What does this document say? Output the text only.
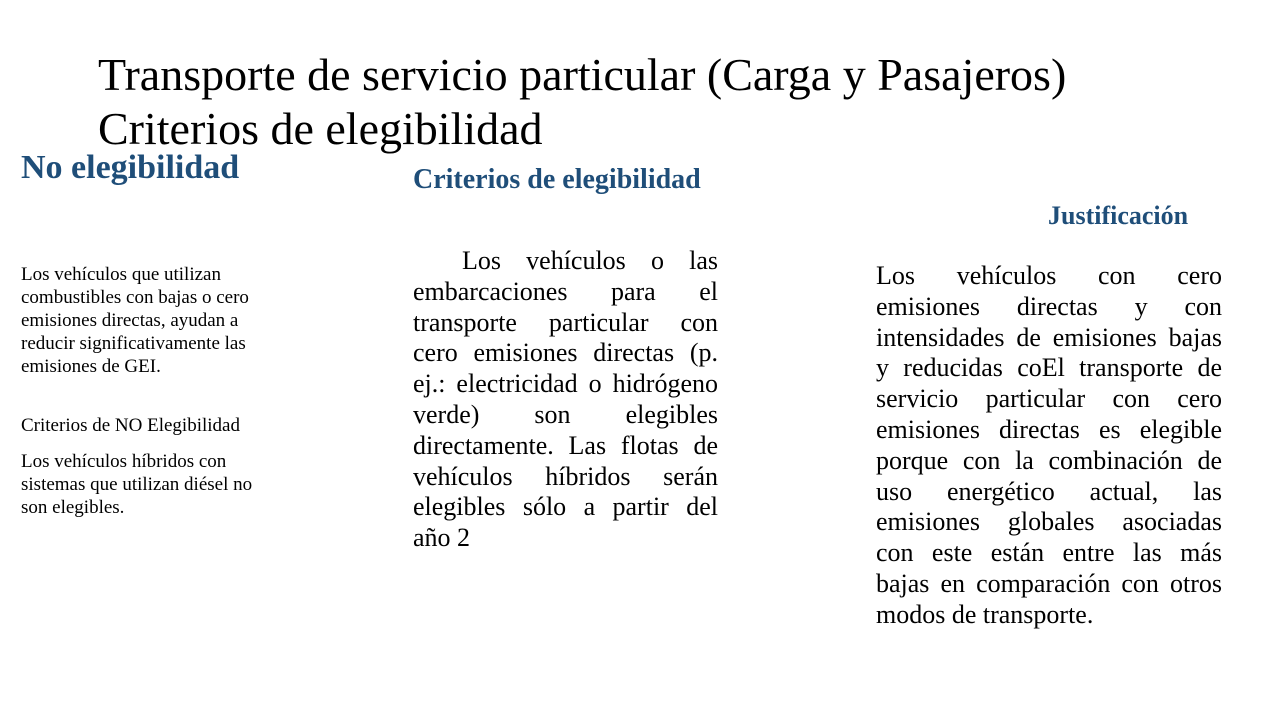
Transporte de servicio particular (Carga y Pasajeros)
Criterios de elegibilidad
No elegibilidad

Los vehículos que utilizan combustibles con bajas o cero emisiones directas, ayudan a reducir significativamente las emisiones de GEI.

Criterios de NO Elegibilidad

Los vehículos híbridos con sistemas que utilizan diésel no son elegibles.

Criterios de elegibilidad

Los vehículos o las embarcaciones para el transporte particular con cero emisiones directas (p. ej.: electricidad o hidrógeno verde) son elegibles directamente. Las flotas de vehículos híbridos serán elegibles sólo a partir del año 2

Justificación

Los vehículos con cero emisiones directas y con intensidades de emisiones bajas y reducidas coEl transporte de servicio particular con cero emisiones directas es elegible porque con la combinación de uso energético actual, las emisiones globales asociadas con este están entre las más bajas en comparación con otros modos de transporte.
